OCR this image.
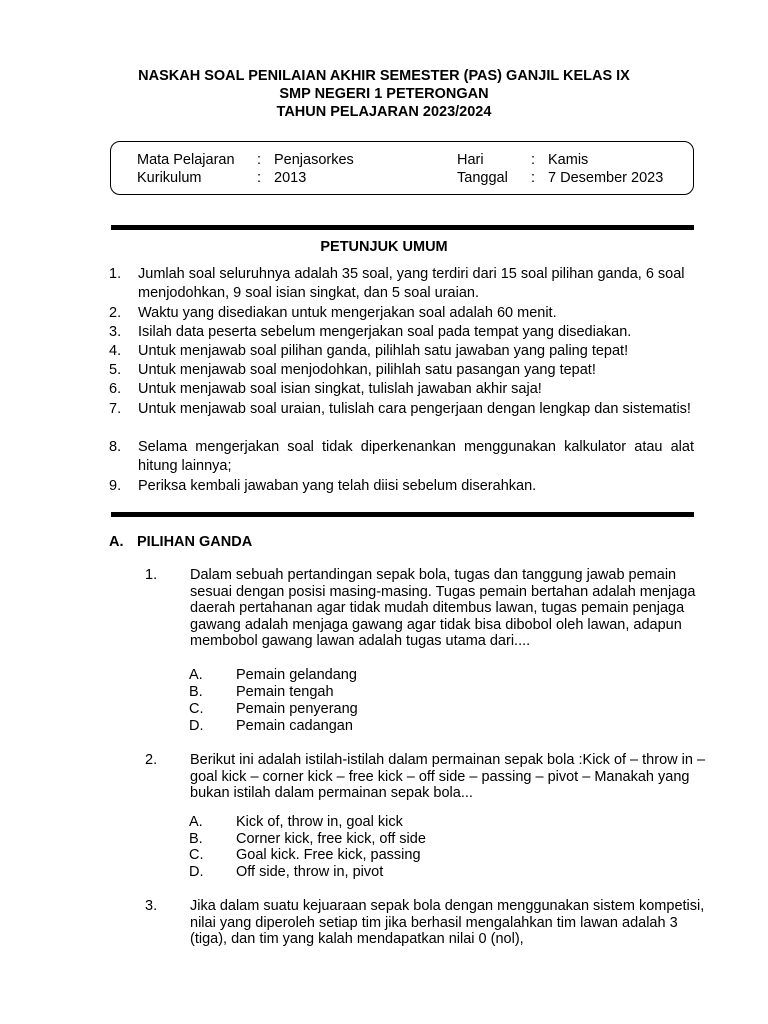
NASKAH SOAL PENILAIAN AKHIR SEMESTER (PAS) GANJIL KELAS IX
SMP NEGERI 1 PETERONGAN
TAHUN PELAJARAN 2023/2024
Mata Pelajaran : Penjasorkes
Kurikulum	: 2013
Hari	: Kamis
Tanggal : 7 Desember 2023
PETUNJUK UMUM
1. Jumlah soal seluruhnya adalah 35 soal, yang terdiri dari 15 soal pilihan ganda, 6 soal menjodohkan, 9 soal isian singkat, dan 5 soal uraian.
2. Waktu yang disediakan untuk mengerjakan soal adalah 60 menit.
3. Isilah data peserta sebelum mengerjakan soal pada tempat yang disediakan.
4. Untuk menjawab soal pilihan ganda, pilihlah satu jawaban yang paling tepat!
5. Untuk menjawab soal menjodohkan, pilihlah satu pasangan yang tepat!
6. Untuk menjawab soal isian singkat, tulislah jawaban akhir saja!
7. Untuk menjawab soal uraian, tulislah cara pengerjaan dengan lengkap dan sistematis!
8. Selama mengerjakan soal tidak diperkenankan menggunakan kalkulator atau alat hitung lainnya;
9. Periksa kembali jawaban yang telah diisi sebelum diserahkan.
A. PILIHAN GANDA
1. Dalam sebuah pertandingan sepak bola, tugas dan tanggung jawab pemain sesuai dengan posisi masing-masing. Tugas pemain bertahan adalah menjaga daerah pertahanan agar tidak mudah ditembus lawan, tugas pemain penjaga gawang adalah menjaga gawang agar tidak bisa dibobol oleh lawan, adapun membobol gawang lawan adalah tugas utama dari....
A. Pemain gelandang
B. Pemain tengah
C. Pemain penyerang
D. Pemain cadangan
2. Berikut ini adalah istilah-istilah dalam permainan sepak bola :Kick of – throw in – goal kick – corner kick – free kick – off side – passing – pivot – Manakah yang bukan istilah dalam permainan sepak bola...
A. Kick of, throw in, goal kick
B. Corner kick, free kick, off side
C. Goal kick. Free kick, passing
D. Off side, throw in, pivot
3. Jika dalam suatu kejuaraan sepak bola dengan menggunakan sistem kompetisi, nilai yang diperoleh setiap tim jika berhasil mengalahkan tim lawan adalah 3 (tiga), dan tim yang kalah mendapatkan nilai 0 (nol),
